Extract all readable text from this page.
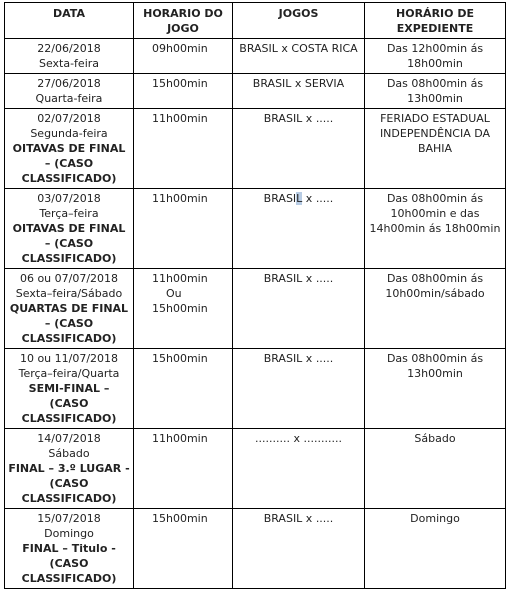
DATA	HORARIO DO JOGO	JOGOS	HORÁRIO DE EXPEDIENTE

22/06/2018
Sexta-feira	09h00min	BRASIL x COSTA RICA	Das 12h00min ás 18h00min

27/06/2018
Quarta-feira	15h00min	BRASIL x SERVIA	Das 08h00min ás 13h00min

02/07/2018
Segunda-feira
OITAVAS DE FINAL – (CASO CLASSIFICADO)	11h00min	BRASIL x .....	FERIADO ESTADUAL INDEPENDÊNCIA DA BAHIA

03/07/2018
Terça–feira
OITAVAS DE FINAL – (CASO CLASSIFICADO)	11h00min	BRASIL x .....	Das 08h00min ás 10h00min e das 14h00min ás 18h00min

06 ou 07/07/2018
Sexta–feira/Sábado
QUARTAS DE FINAL – (CASO CLASSIFICADO)	11h00min
Ou
15h00min	BRASIL x .....	Das 08h00min ás 10h00min/sábado

10 ou 11/07/2018
Terça–feira/Quarta
SEMI-FINAL – (CASO CLASSIFICADO)	15h00min	BRASIL x .....	Das 08h00min ás 13h00min

14/07/2018
Sábado
FINAL – 3.º LUGAR - (CASO CLASSIFICADO)	11h00min	.......... x ...........	Sábado

15/07/2018
Domingo
FINAL – Titulo - (CASO CLASSIFICADO)	15h00min	BRASIL x .....	Domingo
